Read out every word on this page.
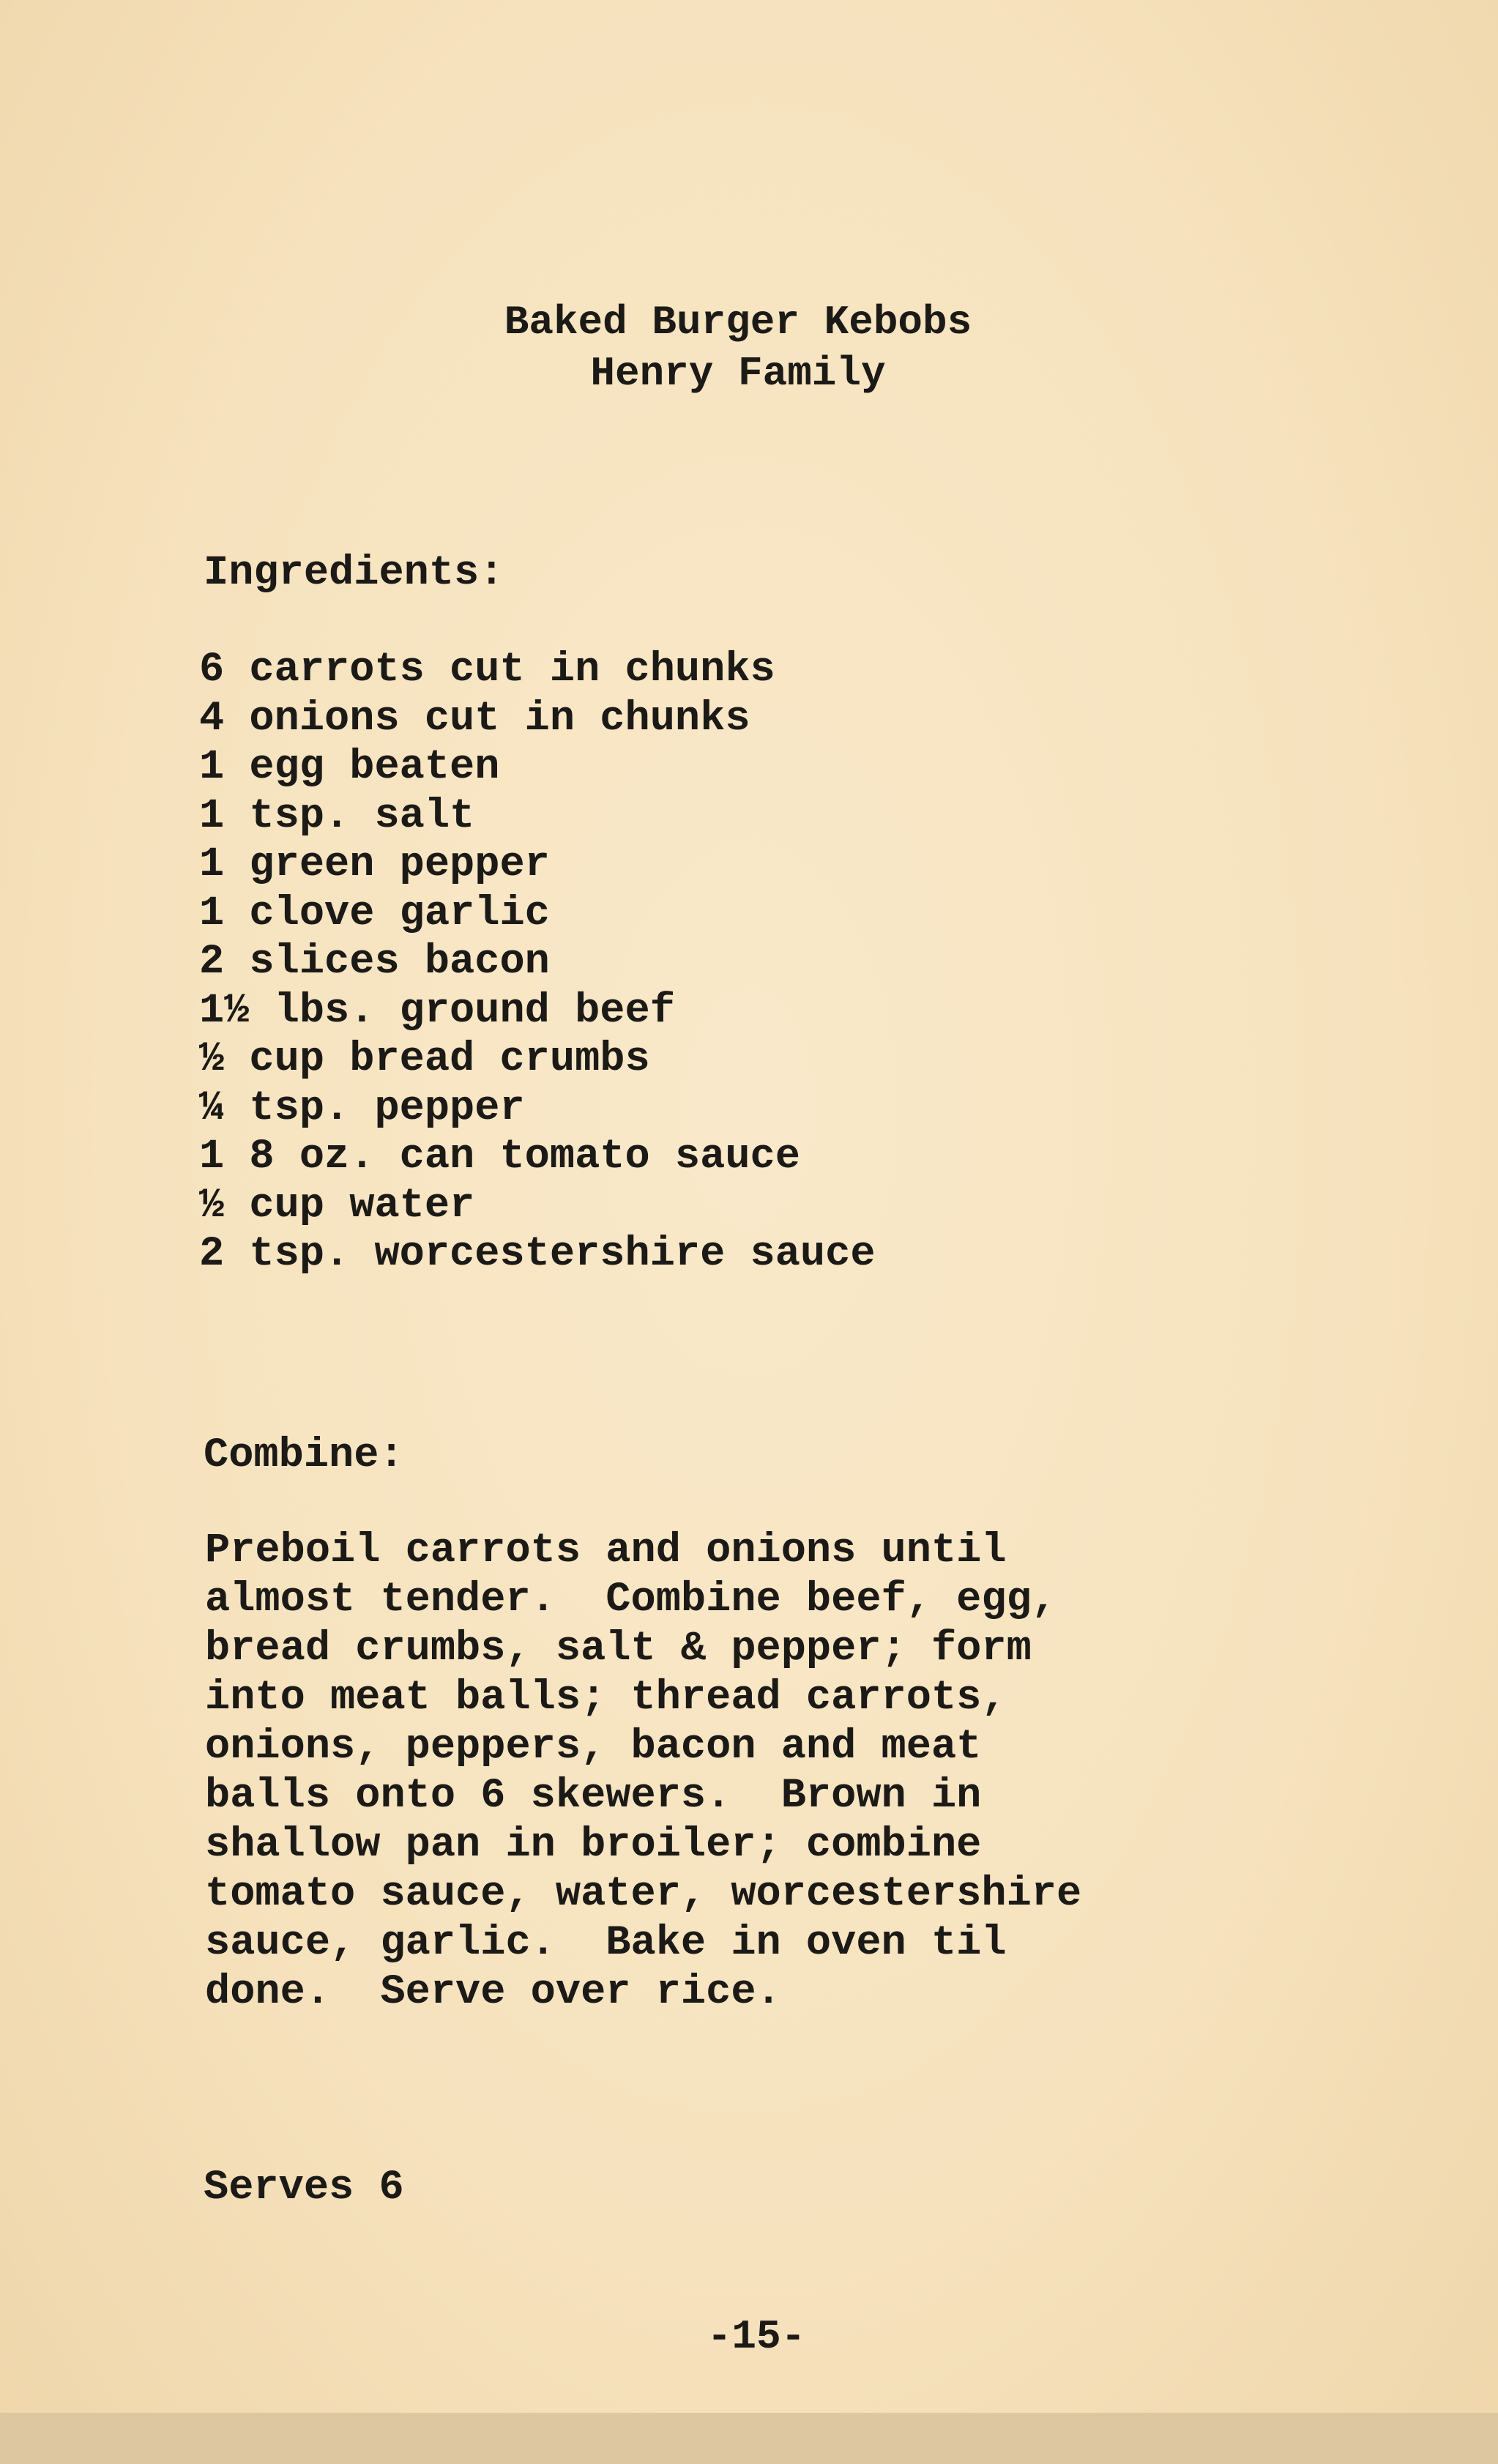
Baked Burger Kebobs
Henry Family
Ingredients:
6 carrots cut in chunks
4 onions cut in chunks
1 egg beaten
1 tsp. salt
1 green pepper
1 clove garlic
2 slices bacon
1½ lbs. ground beef
½ cup bread crumbs
¼ tsp. pepper
1 8 oz. can tomato sauce
½ cup water
2 tsp. worcestershire sauce
Combine:
Preboil carrots and onions until
almost tender.  Combine beef, egg,
bread crumbs, salt & pepper; form
into meat balls; thread carrots,
onions, peppers, bacon and meat
balls onto 6 skewers.  Brown in
shallow pan in broiler; combine
tomato sauce, water, worcestershire
sauce, garlic.  Bake in oven til
done.  Serve over rice.
Serves 6
-15-
